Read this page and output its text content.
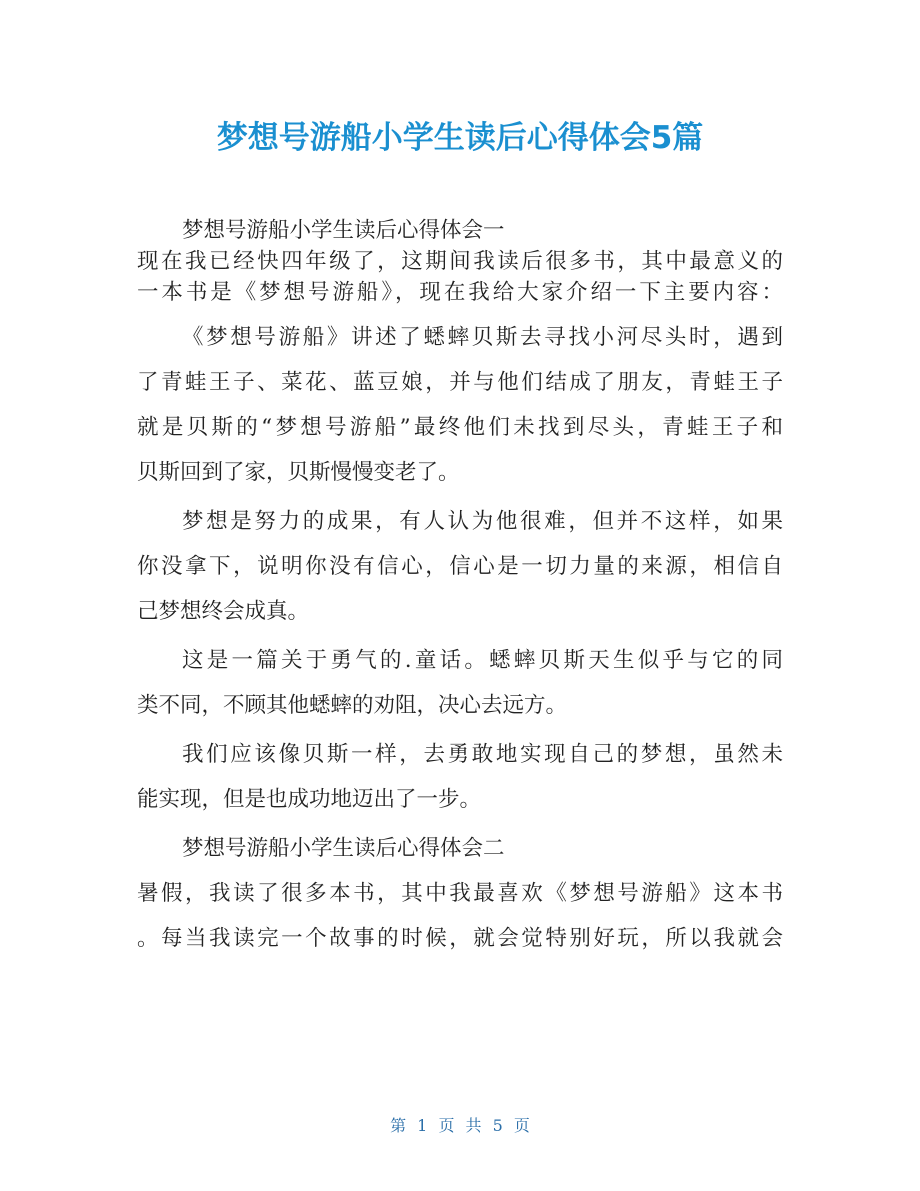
梦想号游船小学生读后心得体会5篇
梦想号游船小学生读后心得体会一
现在我已经快四年级了，这期间我读后很多书，其中最意义的
一本书是《梦想号游船》，现在我给大家介绍一下主要内容：
《梦想号游船》讲述了蟋蟀贝斯去寻找小河尽头时，遇到
了青蛙王子、菜花、蓝豆娘，并与他们结成了朋友，青蛙王子
就是贝斯的“梦想号游船”最终他们未找到尽头，青蛙王子和
贝斯回到了家，贝斯慢慢变老了。
梦想是努力的成果，有人认为他很难，但并不这样，如果
你没拿下，说明你没有信心，信心是一切力量的来源，相信自
己梦想终会成真。
这是一篇关于勇气的.童话。蟋蟀贝斯天生似乎与它的同
类不同，不顾其他蟋蟀的劝阻，决心去远方。
我们应该像贝斯一样，去勇敢地实现自己的梦想，虽然未
能实现，但是也成功地迈出了一步。
梦想号游船小学生读后心得体会二
暑假，我读了很多本书，其中我最喜欢《梦想号游船》这本书
。每当我读完一个故事的时候，就会觉特别好玩，所以我就会
第 1 页 共 5 页
